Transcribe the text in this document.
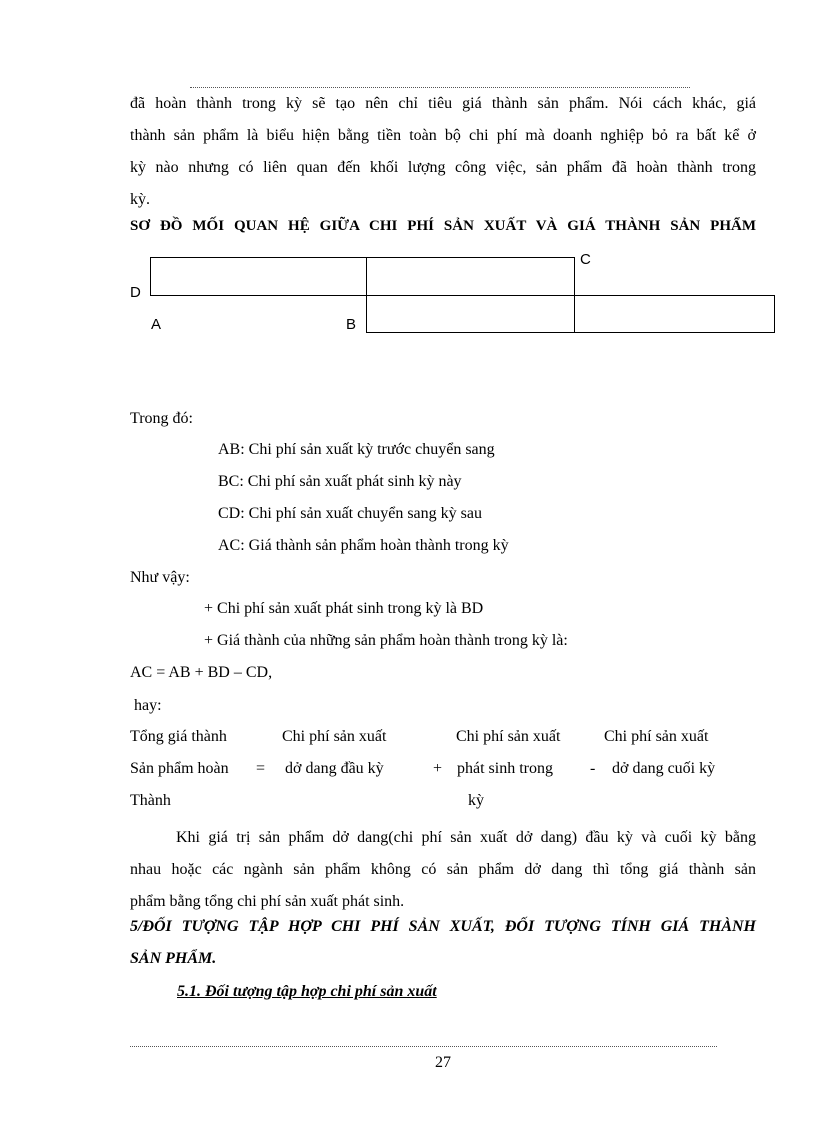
đã hoàn thành trong kỳ sẽ tạo nên chỉ tiêu giá thành sản phẩm. Nói cách khác, giá
thành sản phẩm là biểu hiện bằng tiền toàn bộ chi phí mà doanh nghiệp bỏ ra bất kể ở
kỳ nào nhưng có liên quan đến khối lượng công việc, sản phẩm đã hoàn thành trong
kỳ.
SƠ ĐỒ MỐI QUAN HỆ GIỮA CHI PHÍ SẢN XUẤT VÀ GIÁ THÀNH SẢN PHẨM
C
D
A	B
Trong đó:
AB: Chi phí sản xuất kỳ trước chuyển sang
BC: Chi phí sản xuất phát sinh kỳ này
CD: Chi phí sản xuất chuyển sang kỳ sau
AC: Giá thành sản phẩm hoàn thành trong kỳ
Như vậy:
+ Chi phí sản xuất phát sinh trong kỳ là BD
+ Giá thành của những sản phẩm hoàn thành trong kỳ là:
AC = AB + BD – CD,
hay:
Tổng giá thành	Chi phí sản xuất	Chi phí sản xuất	Chi phí sản xuất
Sản phẩm hoàn = dở dang đầu kỳ	+ phát sinh trong - dở dang cuối kỳ
Thành	kỳ
Khi giá trị sản phẩm dở dang(chi phí sản xuất dở dang) đầu kỳ và cuối kỳ bằng
nhau hoặc các ngành sản phẩm không có sản phẩm dở dang thì tổng giá thành sản
phẩm bằng tổng chi phí sản xuất phát sinh.
5/ĐỐI TƯỢNG TẬP HỢP CHI PHÍ SẢN XUẤT, ĐỐI TƯỢNG TÍNH GIÁ THÀNH
SẢN PHẨM.
5.1. Đối tượng tập hợp chi phí sản xuất
27
